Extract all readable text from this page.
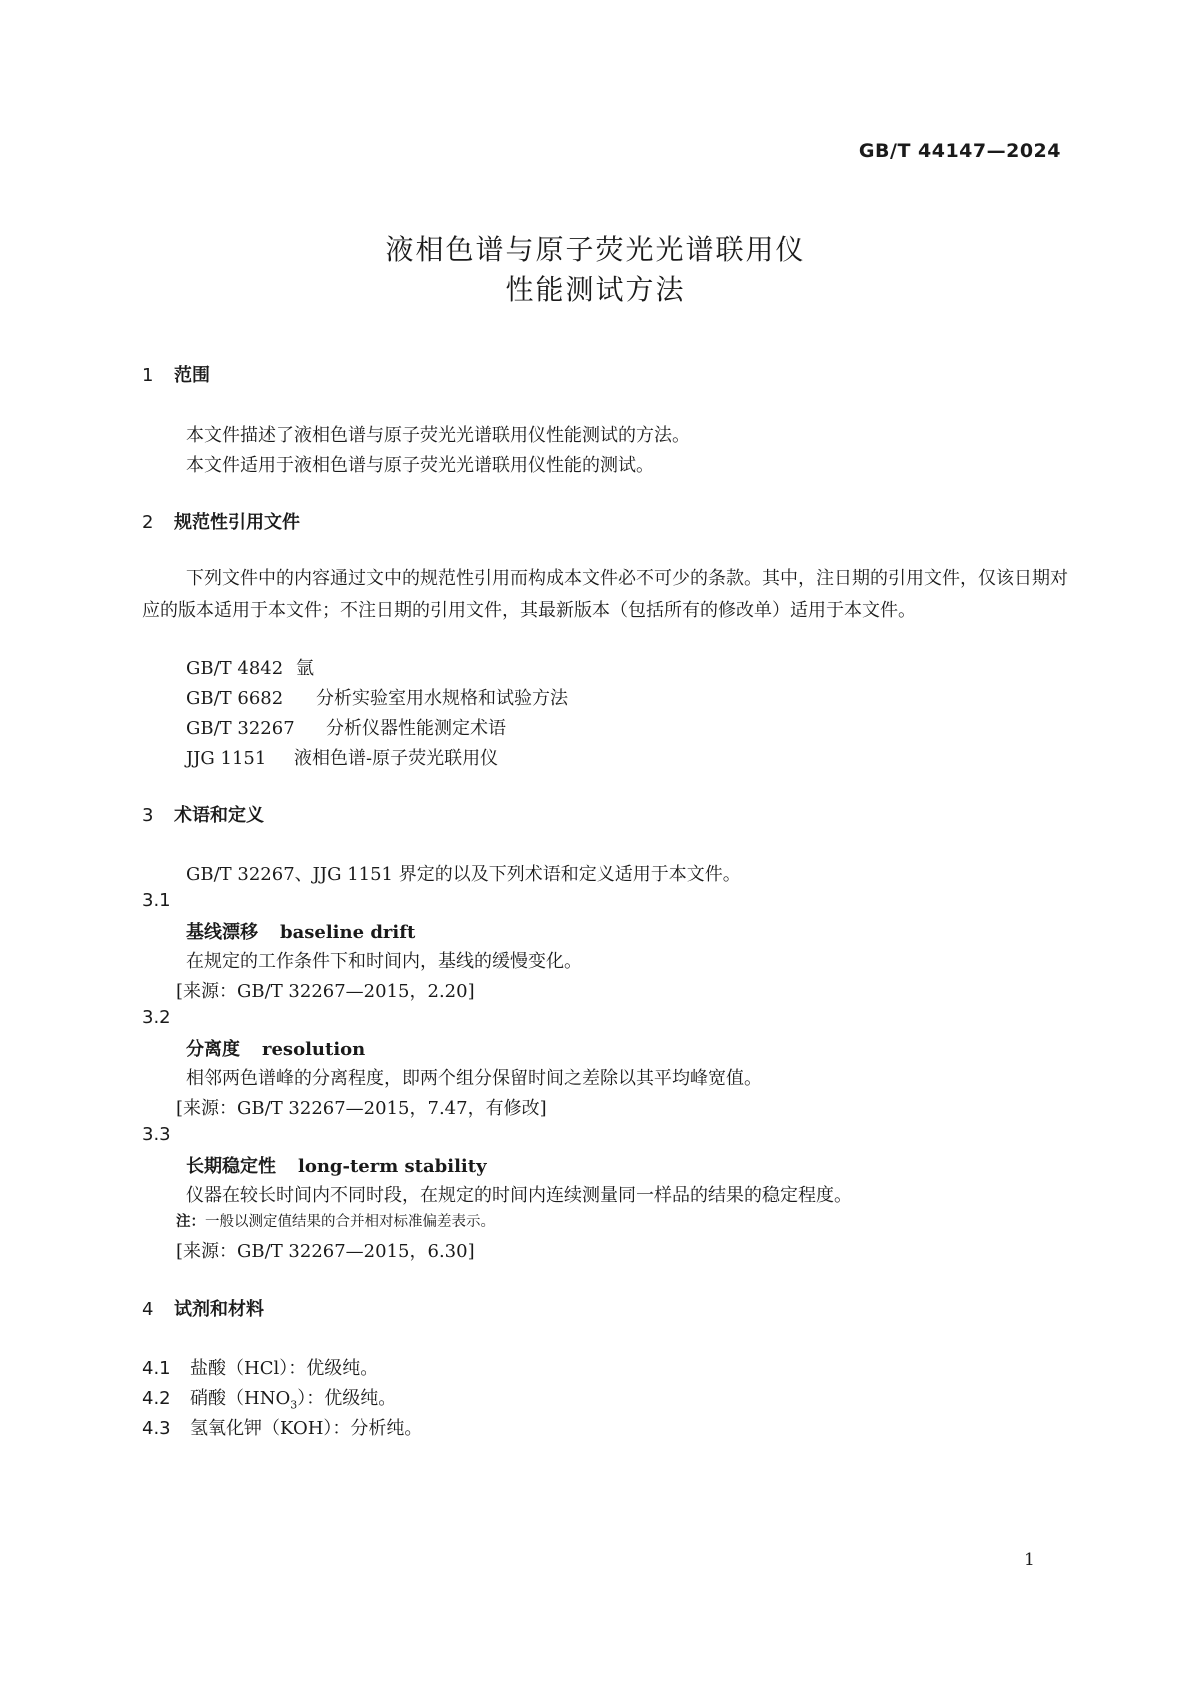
GB/T 44147—2024
液相色谱与原子荧光光谱联用仪
性能测试方法
1 范围
本文件描述了液相色谱与原子荧光光谱联用仪性能测试的方法。
本文件适用于液相色谱与原子荧光光谱联用仪性能的测试。
2 规范性引用文件
下列文件中的内容通过文中的规范性引用而构成本文件必不可少的条款。其中，注日期的引用文件，仅该日期对应的版本适用于本文件；不注日期的引用文件，其最新版本（包括所有的修改单）适用于本文件。
GB/T 4842 氩
GB/T 6682 分析实验室用水规格和试验方法
GB/T 32267 分析仪器性能测定术语
JJG 1151 液相色谱-原子荧光联用仪
3 术语和定义
GB/T 32267、JJG 1151 界定的以及下列术语和定义适用于本文件。
3.1
基线漂移 baseline drift
在规定的工作条件下和时间内，基线的缓慢变化。
[来源：GB/T 32267—2015，2.20]
3.2
分离度 resolution
相邻两色谱峰的分离程度，即两个组分保留时间之差除以其平均峰宽值。
[来源：GB/T 32267—2015，7.47，有修改]
3.3
长期稳定性 long-term stability
仪器在较长时间内不同时段，在规定的时间内连续测量同一样品的结果的稳定程度。
注：一般以测定值结果的合并相对标准偏差表示。
[来源：GB/T 32267—2015，6.30]
4 试剂和材料
4.1 盐酸（HCl）：优级纯。
4.2 硝酸$(HNO_3)$：优级纯。
4.3 氢氧化钾（KOH）：分析纯。
1
